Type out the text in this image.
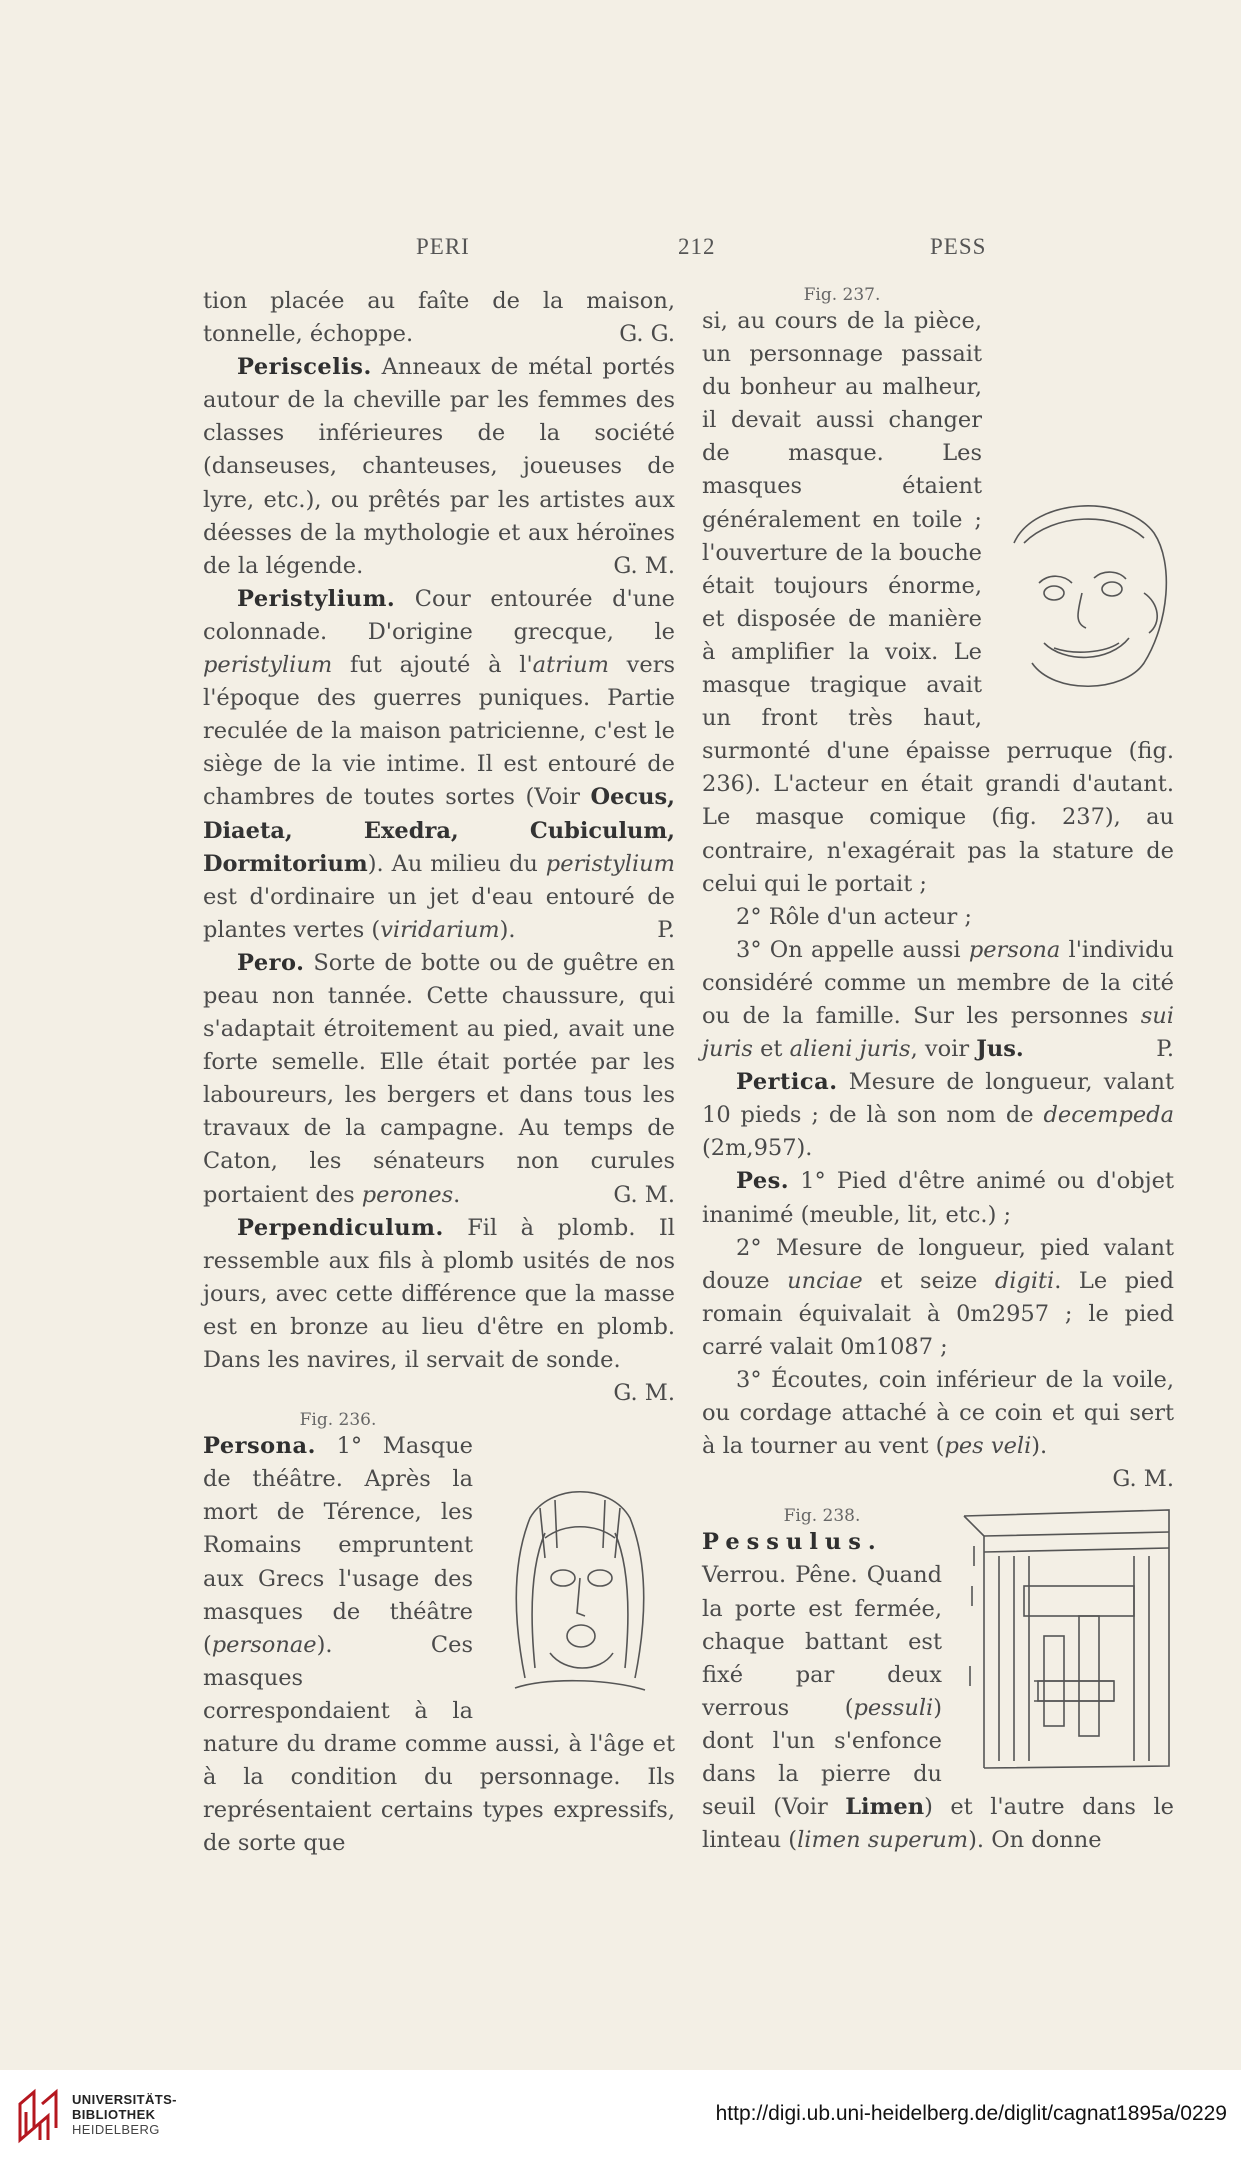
PERI	212	PESS

tion placée au faîte de la maison, tonnelle, échoppe.	G. G.

Periscelis. Anneaux de métal portés autour de la cheville par les femmes des classes inférieures de la société (danseuses, chanteuses, joueuses de lyre, etc.), ou prêtés par les artistes aux déesses de la mythologie et aux héroïnes de la légende.	G. M.

Peristylium. Cour entourée d'une colonnade. D'origine grecque, le peristylium fut ajouté à l'atrium vers l'époque des guerres puniques. Partie reculée de la maison patricienne, c'est le siège de la vie intime. Il est entouré de chambres de toutes sortes (Voir Oecus, Diaeta, Exedra, Cubiculum, Dormitorium). Au milieu du peristylium est d'ordinaire un jet d'eau entouré de plantes vertes (viridarium).	P.

Pero. Sorte de botte ou de guêtre en peau non tannée. Cette chaussure, qui s'adaptait étroitement au pied, avait une forte semelle. Elle était portée par les laboureurs, les bergers et dans tous les travaux de la campagne. Au temps de Caton, les sénateurs non curules portaient des perones.	G. M.

Perpendiculum. Fil à plomb. Il ressemble aux fils à plomb usités de nos jours, avec cette différence que la masse est en bronze au lieu d'être en plomb. Dans les navires, il servait de sonde.
G. M.

Fig. 236.
Persona. 1° Masque de théâtre. Après la mort de Térence, les Romains empruntent aux Grecs l'usage des masques de théâtre (personae). Ces masques correspondaient à la nature du drame comme aussi, à l'âge et à la condition du personnage. Ils représentaient certains types expressifs, de sorte que

Fig. 237.
si, au cours de la pièce, un personnage passait du bonheur au malheur, il devait aussi changer de masque. Les masques étaient généralement en toile ; l'ouverture de la bouche était toujours énorme, et disposée de manière à amplifier la voix. Le masque tragique avait un front très haut, surmonté d'une épaisse perruque (fig. 236). L'acteur en était grandi d'autant. Le masque comique (fig. 237), au contraire, n'exagérait pas la stature de celui qui le portait ;

2° Rôle d'un acteur ;

3° On appelle aussi persona l'individu considéré comme un membre de la cité ou de la famille. Sur les personnes sui juris et alieni juris, voir Jus.	P.

Pertica. Mesure de longueur, valant 10 pieds ; de là son nom de decempeda (2m,957).

Pes. 1° Pied d'être animé ou d'objet inanimé (meuble, lit, etc.) ;

2° Mesure de longueur, pied valant douze unciae et seize digiti. Le pied romain équivalait à 0m2957 ; le pied carré valait 0m1087 ;

3° Écoutes, coin inférieur de la voile, ou cordage attaché à ce coin et qui sert à la tourner au vent (pes veli).

G. M.

Fig. 238.
Pessulus. Verrou. Pêne. Quand la porte est fermée, chaque battant est fixé par deux verrous (pessuli) dont l'un s'enfonce dans la pierre du seuil (Voir Limen) et l'autre dans le linteau (limen superum). On donne

UNIVERSITÄTS-
BIBLIOTHEK
HEIDELBERG
http://digi.ub.uni-heidelberg.de/diglit/cagnat1895a/0229
